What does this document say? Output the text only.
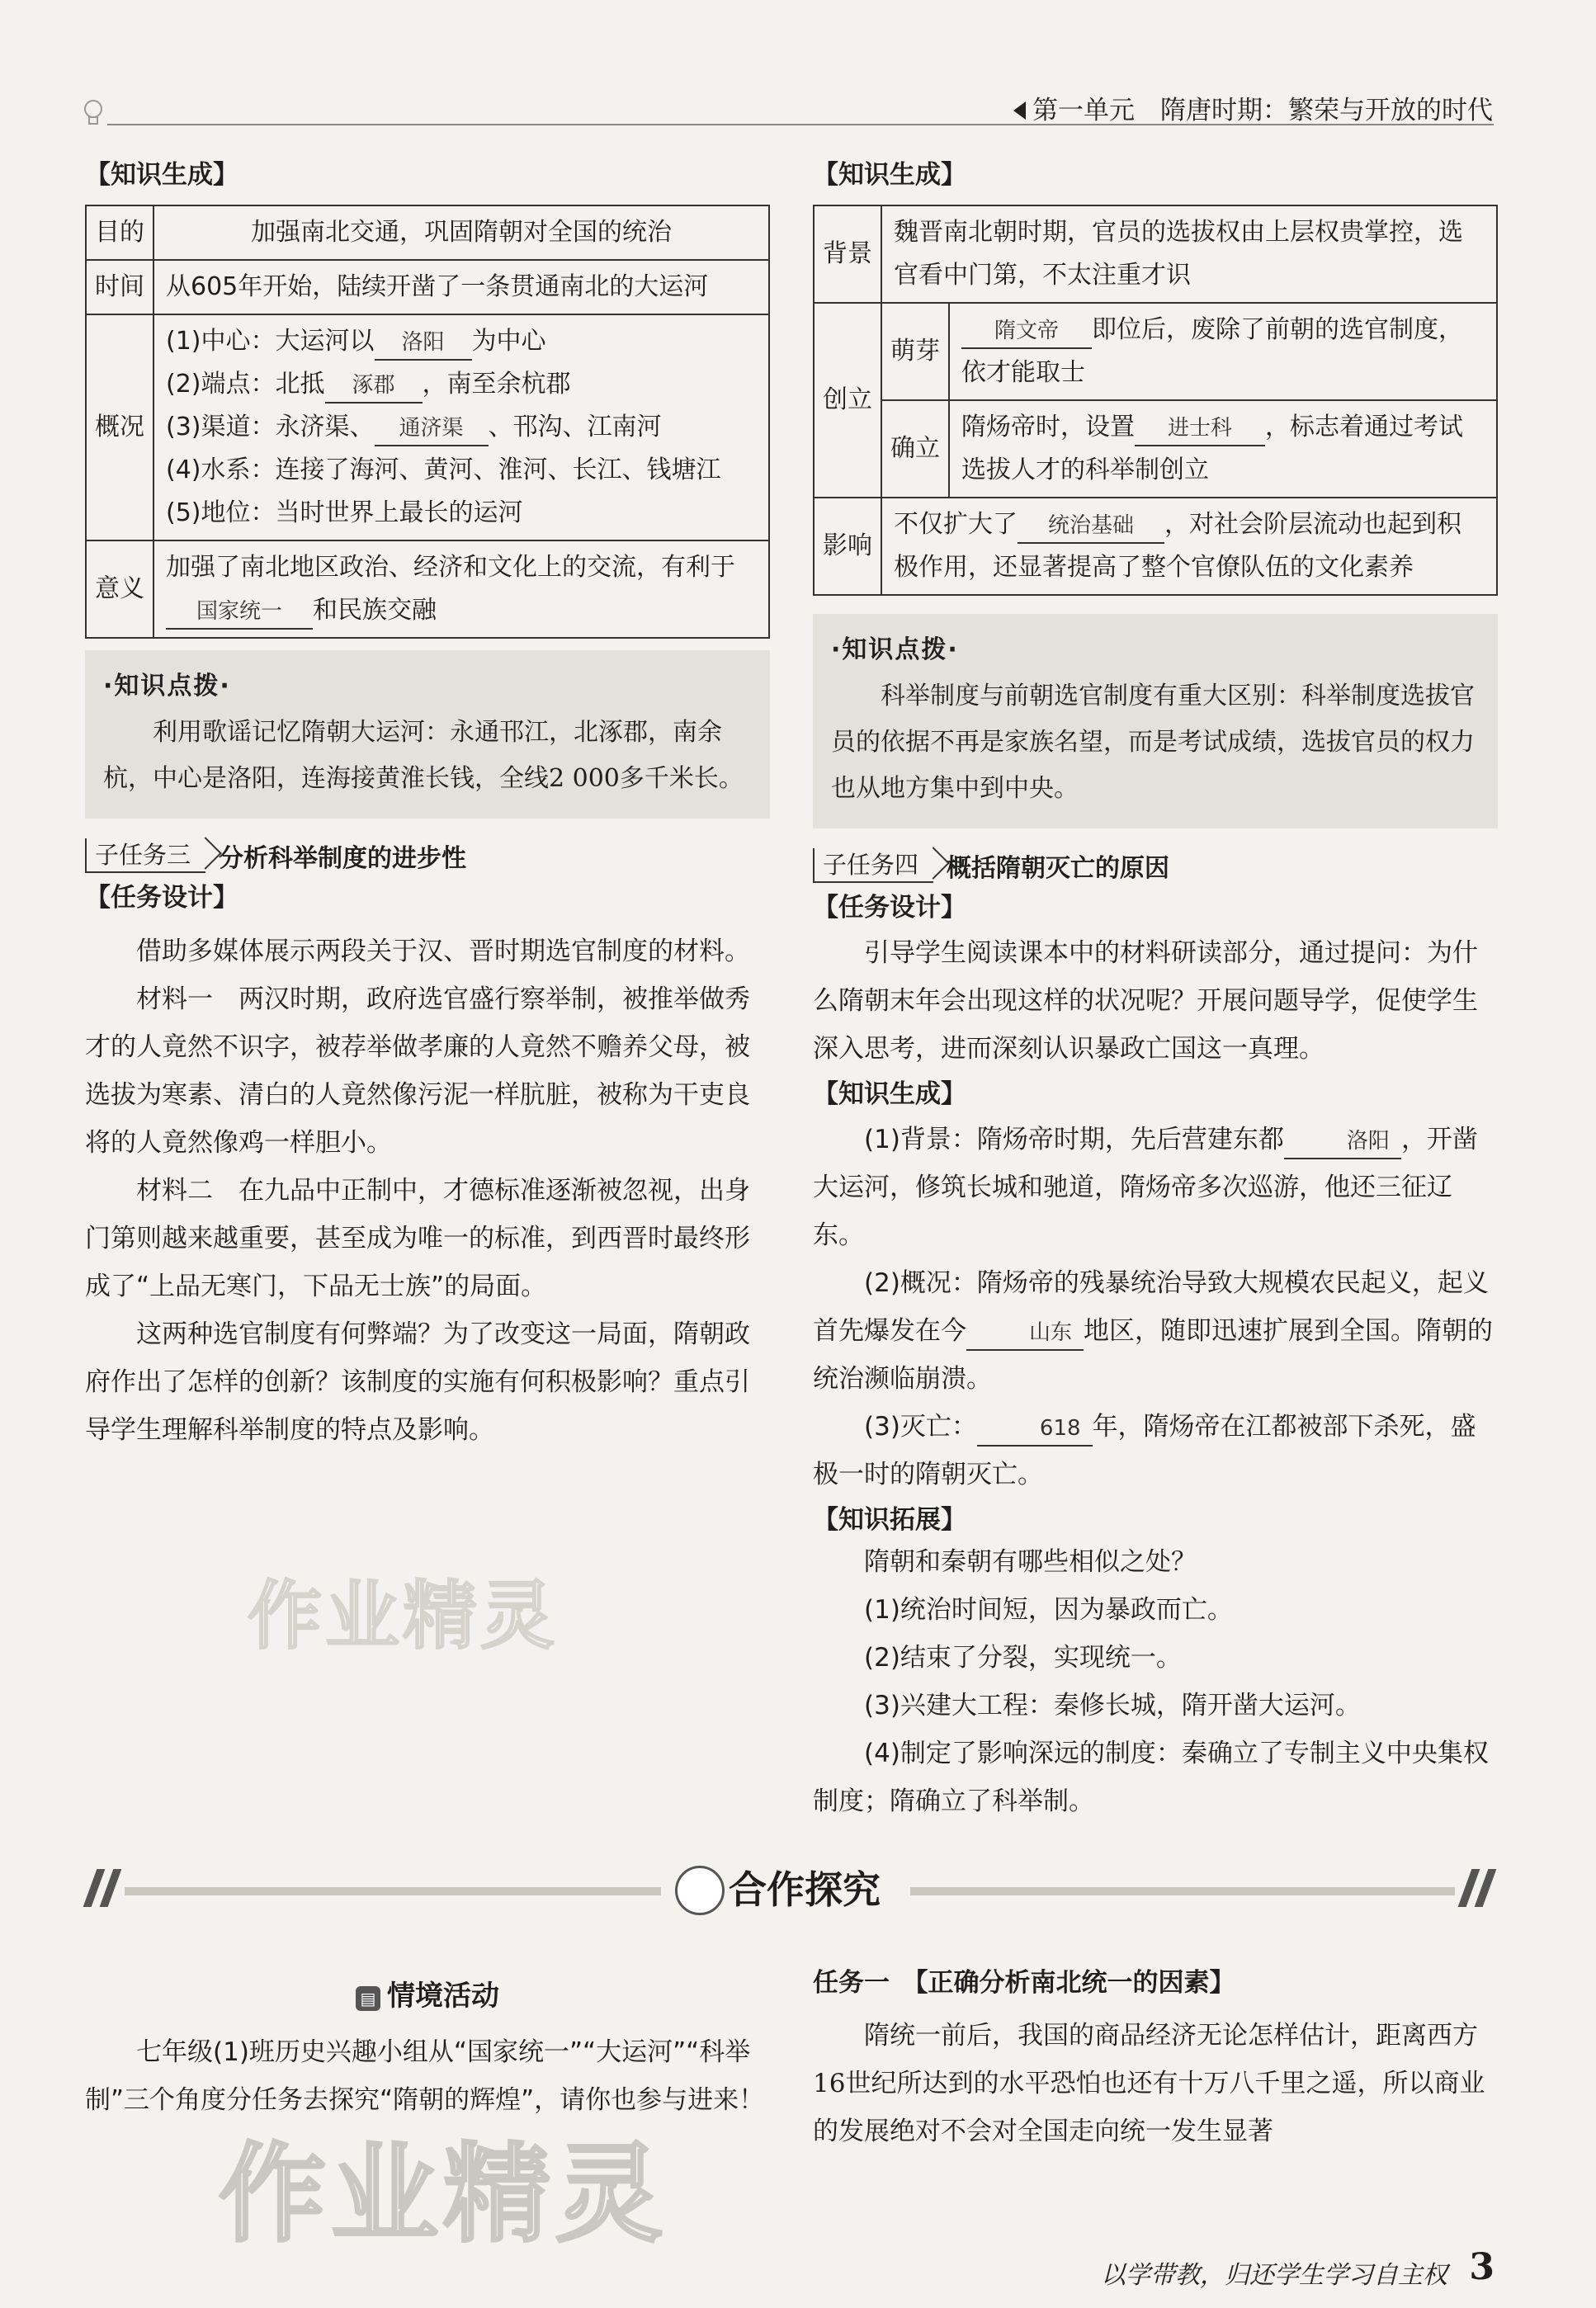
第一单元　 隋唐时期：繁荣与开放的时代
【知识生成】
目的	加强南北交通，巩固隋朝对全国的统治
时间	从605年开始，陆续开凿了一条贯通南北的大运河
概况	(1)中心：大运河以 洛阳 为中心
(2)端点：北抵 涿郡 ，南至余杭郡
(3)渠道：永济渠、 通济渠 、邗沟、江南河
(4)水系：连接了海河、黄河、淮河、长江、钱塘江
(5)地位：当时世界上最长的运河

意义	加强了南北地区政治、经济和文化上的交流，有利于国家统一 和民族交融
·知识点拨·
利用歌谣记忆隋朝大运河：永通邗江，北涿郡，南余杭，中心是洛阳，连海接黄淮长钱，全线2 000多千米长。
子任务三	分析科举制度的进步性
【任务设计】

借助多媒体展示两段关于汉、晋时期选官制度的材料。

材料一　两汉时期，政府选官盛行察举制，被推举做秀才的人竟然不识字，被荐举做孝廉的人竟然不赡养父母，被选拔为寒素、清白的人竟然像污泥一样肮脏，被称为干吏良将的人竟然像鸡一样胆小。

材料二　在九品中正制中，才德标准逐渐被忽视，出身门第则越来越重要，甚至成为唯一的标准，到西晋时最终形成了“上品无寒门，下品无士族”的局面。

这两种选官制度有何弊端？为了改变这一局面，隋朝政府作出了怎样的创新？该制度的实施有何积极影响？重点引导学生理解科举制度的特点及影响。

【知识生成】
背景	魏晋南北朝时期，官员的选拔权由上层权贵掌控，选官看中门第，不太注重才识	
创立	萌芽	隋文帝 即位后，废除了前朝的选官制度，依才能取士
	确立	隋炀帝时，设置 进士科 ，标志着通过考试选拔人才的科举制创立
影响	不仅扩大了 统治基础 ，对社会阶层流动也起到积极作用，还显著提高了整个官僚队伍的文化素养	
·知识点拨·
科举制度与前朝选官制度有重大区别：科举制度选拔官员的依据不再是家族名望，而是考试成绩，选拔官员的权力也从地方集中到中央。
子任务四	概括隋朝灭亡的原因
【任务设计】

引导学生阅读课本中的材料研读部分，通过提问：为什么隋朝末年会出现这样的状况呢？开展问题导学，促使学生深入思考，进而深刻认识暴政亡国这一真理。

【知识生成】

(1)背景：隋炀帝时期，先后营建东都	洛阳 ，开凿大运河，修筑长城和驰道，隋炀帝多次巡游，他还三征辽东。

(2)概况：隋炀帝的残暴统治导致大规模农民起义，起义首先爆发在今	山东 地区，随即迅速扩展到全国。隋朝的统治濒临崩溃。

(3)灭亡：	618 年，隋炀帝在江都被部下杀死，盛极一时的隋朝灭亡。

【知识拓展】

隋朝和秦朝有哪些相似之处？

(1)统治时间短，因为暴政而亡。

(2)结束了分裂，实现统一。

(3)兴建大工程：秦修长城，隋开凿大运河。

(4)制定了影响深远的制度：秦确立了专制主义中央集权制度；隋确立了科举制。

合作探究
▤ 情境活动

七年级(1)班历史兴趣小组从“国家统一”“大运河”“科举制”三个角度分任务去探究“隋朝的辉煌”，请你也参与进来！

任务一　【正确分析南北统一的因素】

隋统一前后，我国的商品经济无论怎样估计，距离西方16世纪所达到的水平恐怕也还有十万八千里之遥，所以商业的发展绝对不会对全国走向统一发生显著

作业精灵
作业精灵
以学带教，归还学生学习自主权 3
